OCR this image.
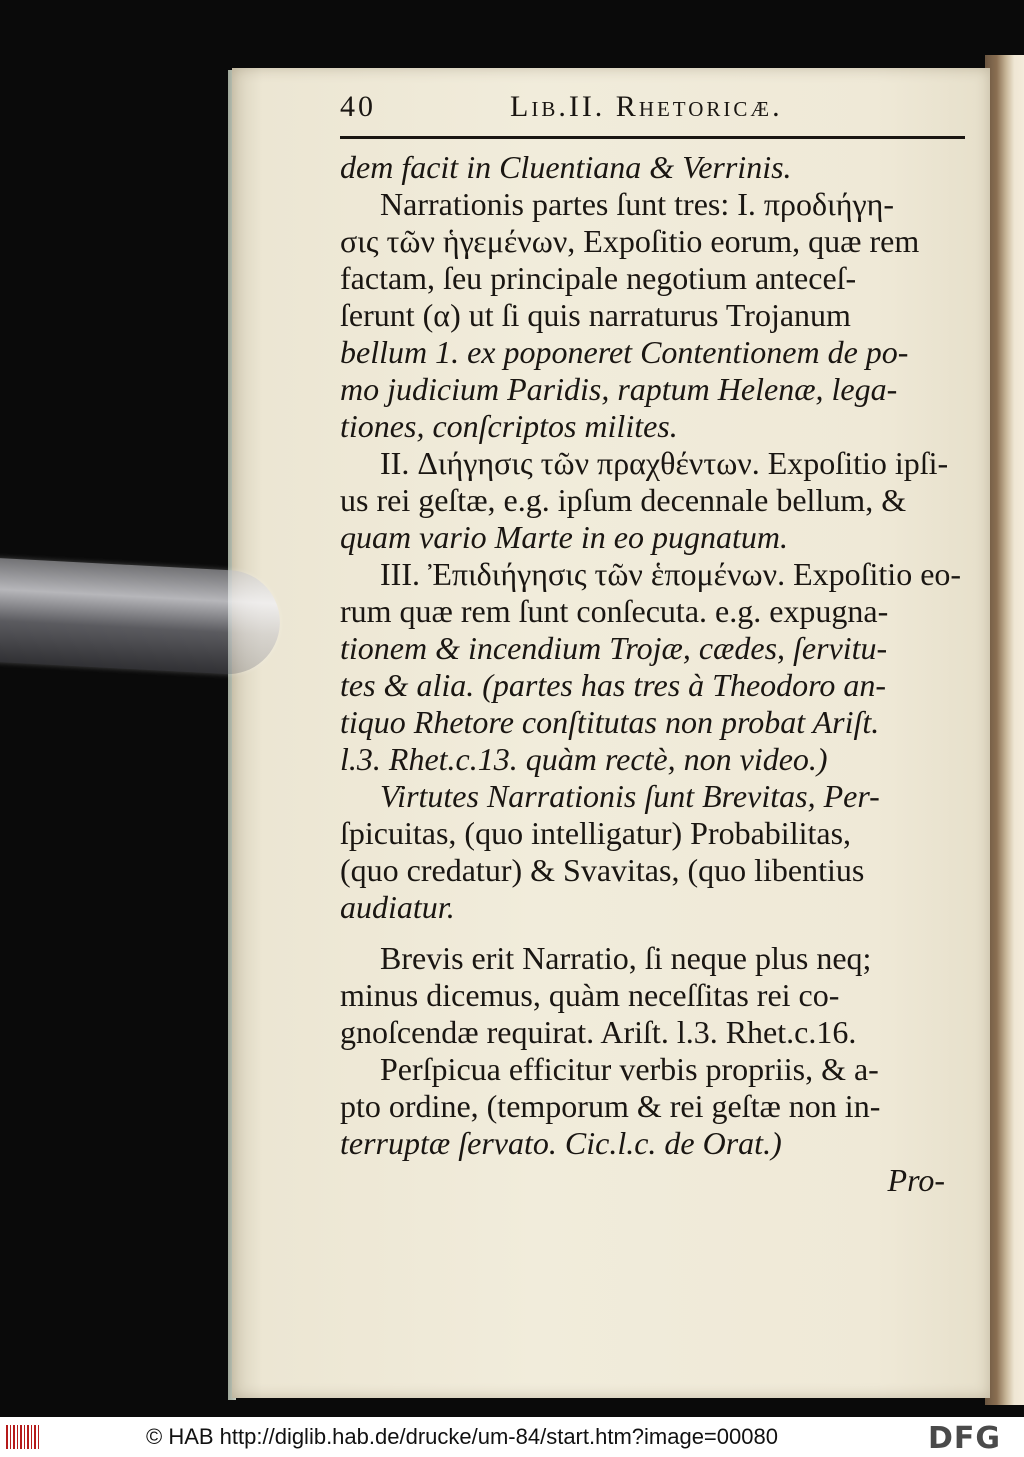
40	Lib.II. Rhetoricæ.
dem facit in Cluentiana & Verrinis.
Narrationis partes ſunt tres: I. προδιήγη-
σις τῶν ἡγεμένων, Expoſitio eorum, quæ rem
factam, ſeu principale negotium anteceſ-
ſerunt (α) ut ſi quis narraturus Trojanum
bellum 1. ex poponeret Contentionem de po-
mo judicium Paridis, raptum Helenæ, lega-
tiones, conſcriptos milites.
II. Διήγησις τῶν πραχθέντων. Expoſitio ipſi-
us rei geſtæ, e.g. ipſum decennale bellum, &
quam vario Marte in eo pugnatum.
III. Ἐπιδιήγησις τῶν ἑπομένων. Expoſitio eo-
rum quæ rem ſunt conſecuta. e.g. expugna-
tionem & incendium Trojæ, cædes, ſervitu-
tes & alia. (partes has tres à Theodoro an-
tiquo Rhetore conſtitutas non probat Ariſt.
l.3. Rhet.c.13. quàm rectè, non video.)
Virtutes Narrationis ſunt Brevitas, Per-
ſpicuitas, (quo intelligatur) Probabilitas,
(quo credatur) & Svavitas, (quo libentius
audiatur.
Brevis erit Narratio, ſi neque plus neq;
minus dicemus, quàm neceſſitas rei co-
gnoſcendæ requirat. Ariſt. l.3. Rhet.c.16.
Perſpicua efficitur verbis propriis, & a-
pto ordine, (temporum & rei geſtæ non in-
terruptæ ſervato. Cic.l.c. de Orat.)
Pro-
© HAB http://diglib.hab.de/drucke/um-84/start.htm?image=00080	DFG
